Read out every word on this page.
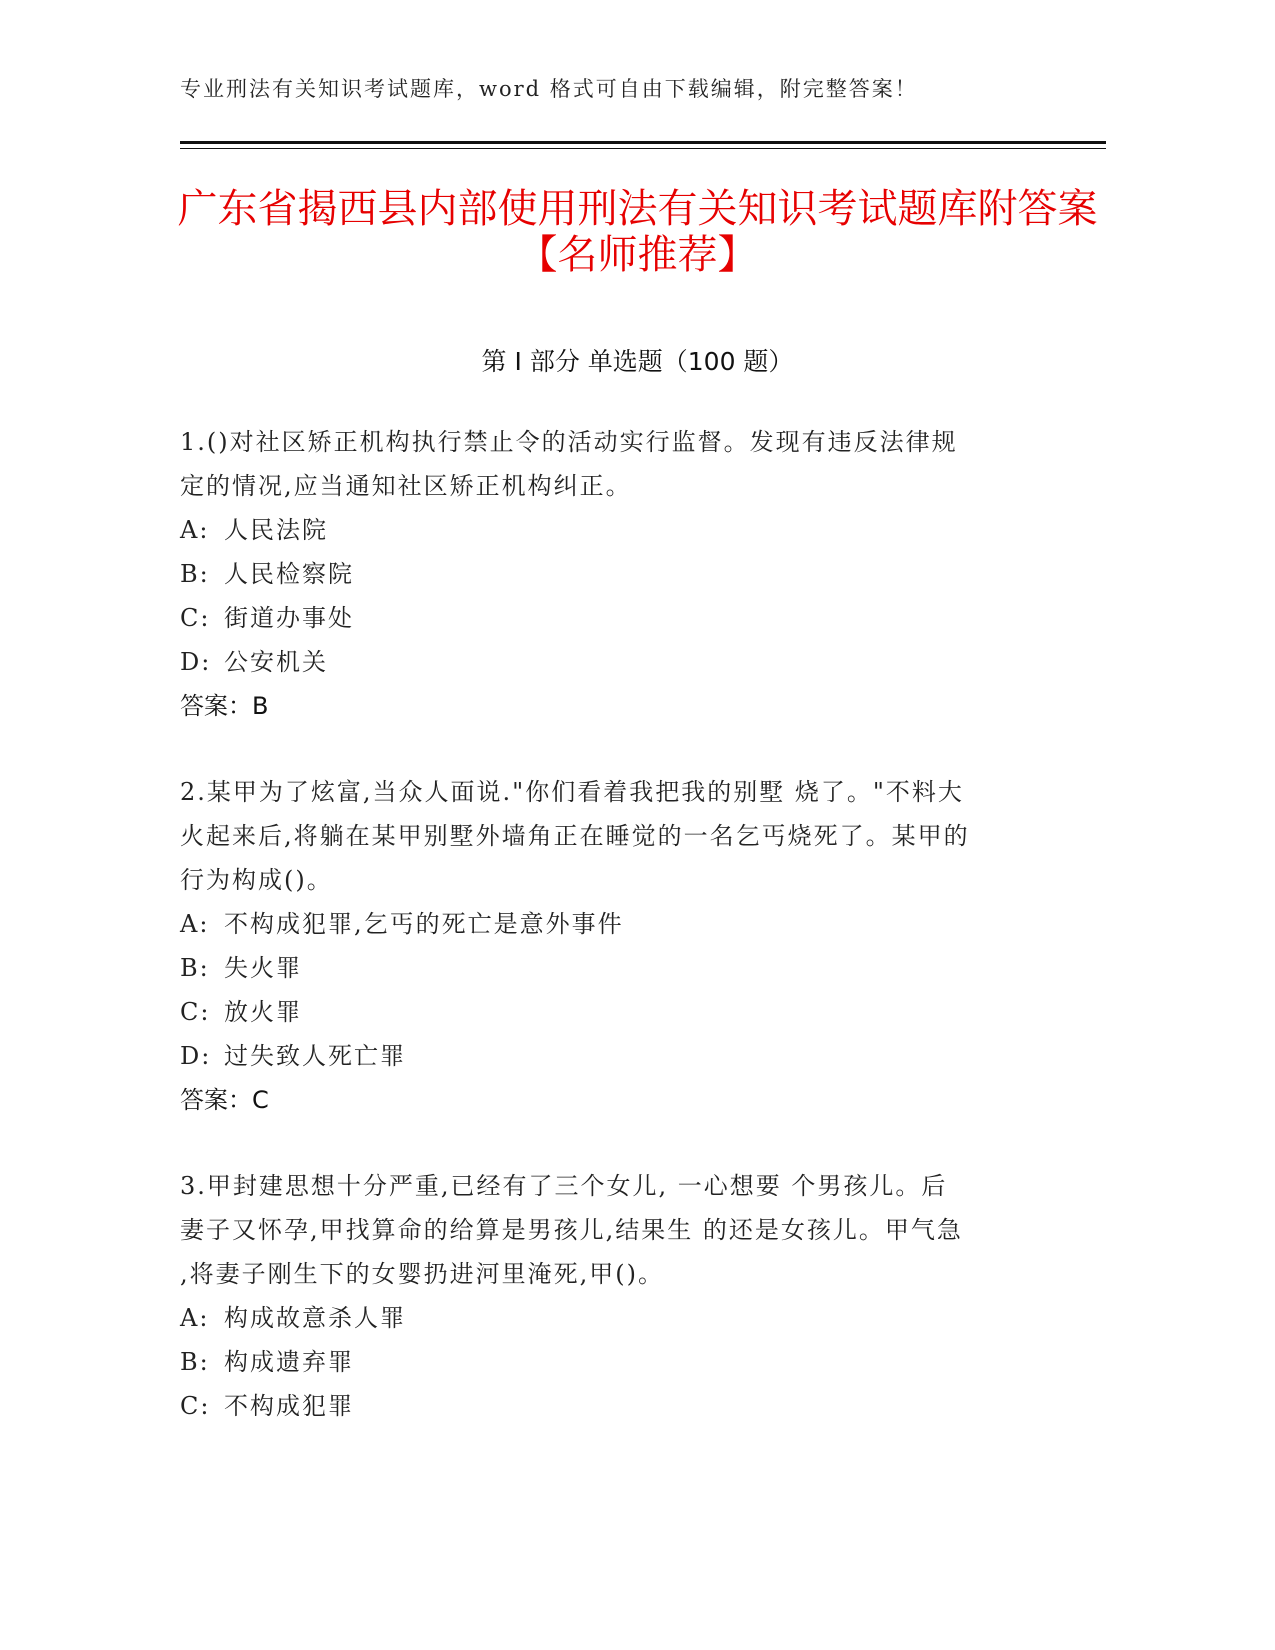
专业刑法有关知识考试题库，word 格式可自由下载编辑，附完整答案！
广东省揭西县内部使用刑法有关知识考试题库附答案【名师推荐】
第 I 部分 单选题（100 题）
1.()对社区矫正机构执行禁止令的活动实行监督。发现有违反法律规
定的情况,应当通知社区矫正机构纠正。
A: 人民法院
B: 人民检察院
C: 街道办事处
D: 公安机关
答案：B
2.某甲为了炫富,当众人面说."你们看着我把我的别墅 烧了。"不料大
火起来后,将躺在某甲别墅外墙角正在睡觉的一名乞丐烧死了。某甲的
行为构成()。
A: 不构成犯罪,乞丐的死亡是意外事件
B: 失火罪
C: 放火罪
D: 过失致人死亡罪
答案：C
3.甲封建思想十分严重,已经有了三个女儿, 一心想要 个男孩儿。后
妻子又怀孕,甲找算命的给算是男孩儿,结果生 的还是女孩儿。甲气急
,将妻子刚生下的女婴扔进河里淹死,甲()。
A: 构成故意杀人罪
B: 构成遗弃罪
C: 不构成犯罪
